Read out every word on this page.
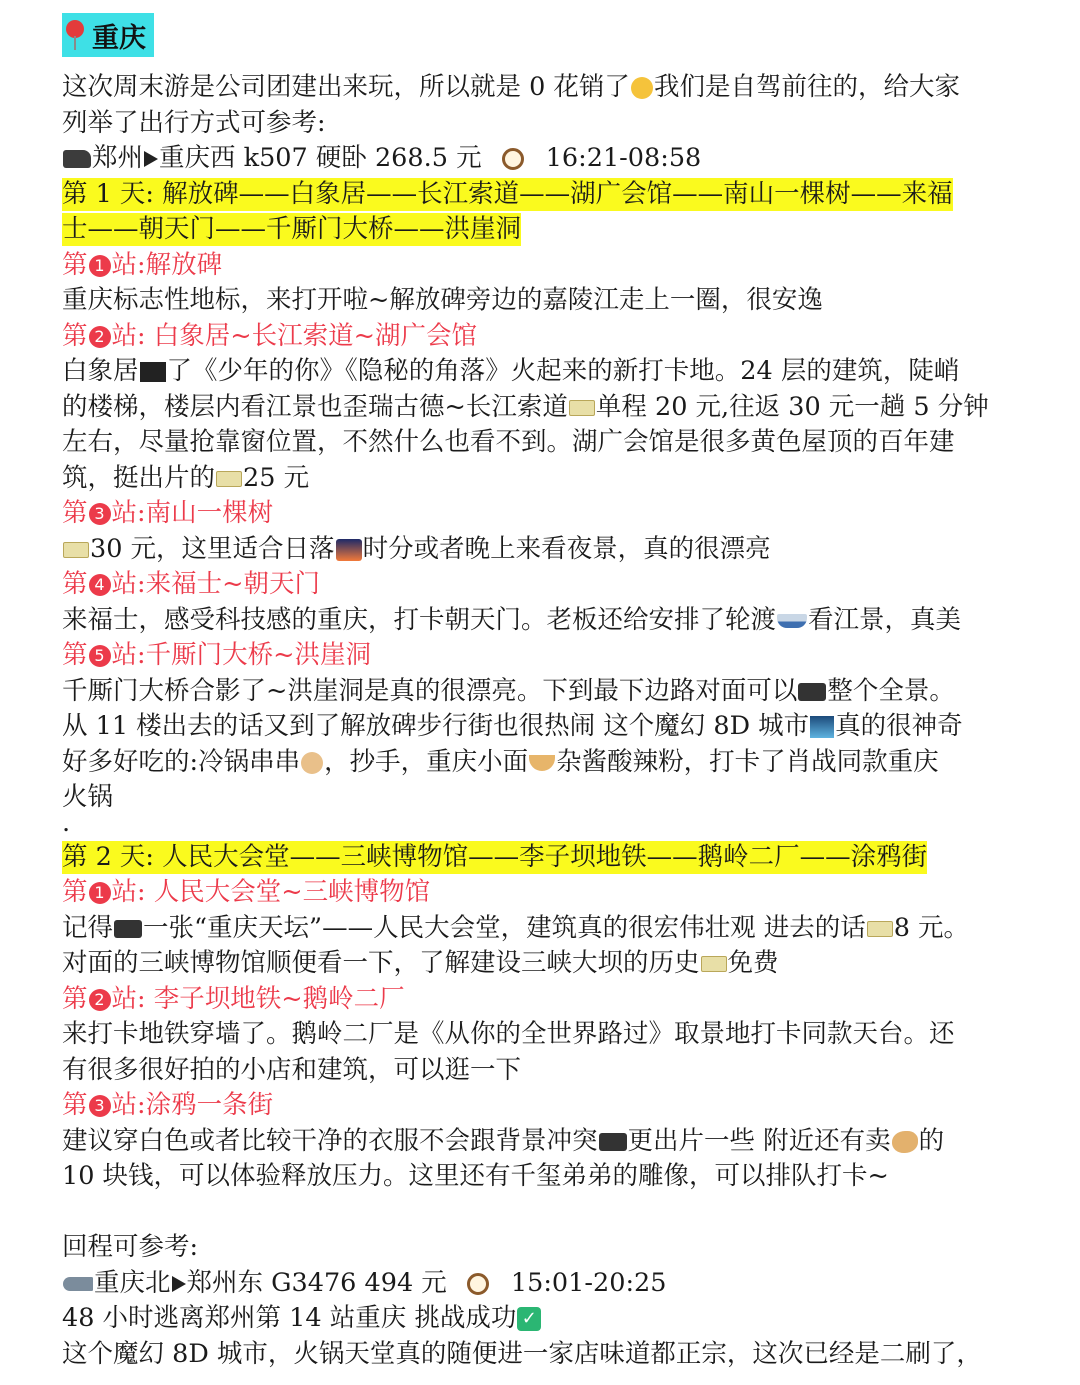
重庆
这次周末游是公司团建出来玩，所以就是 0 花销了 我们是自驾前往的，给大家
列举了出行方式可参考:
郑州 重庆西 k507 硬卧 268.5 元	16:21-08:58
第 1 天: 解放碑——白象居——长江索道——湖广会馆——南山一棵树——来福
士——朝天门——千厮门大桥——洪崖洞
第 1 站:解放碑
重庆标志性地标，来打开啦~解放碑旁边的嘉陵江走上一圈，很安逸
第 2 站: 白象居~长江索道~湖广会馆
白象居 了《少年的你》《隐秘的角落》火起来的新打卡地。24 层的建筑，陡峭
的楼梯，楼层内看江景也歪瑞古德~长江索道 单程 20 元,往返 30 元一趟 5 分钟
左右，尽量抢靠窗位置，不然什么也看不到。湖广会馆是很多黄色屋顶的百年建
筑，挺出片的 25 元
第 3 站:南山一棵树
30 元，这里适合日落 时分或者晚上来看夜景，真的很漂亮
第 4 站:来福士~朝天门
来福士，感受科技感的重庆，打卡朝天门。老板还给安排了轮渡 看江景，真美
第 5 站:千厮门大桥~洪崖洞
千厮门大桥合影了~洪崖洞是真的很漂亮。下到最下边路对面可以 整个全景。
从 11 楼出去的话又到了解放碑步行街也很热闹 这个魔幻 8D 城市 真的很神奇
好多好吃的:冷锅串串 ，抄手，重庆小面 杂酱酸辣粉，打卡了肖战同款重庆
火锅
.
第 2 天: 人民大会堂——三峡博物馆——李子坝地铁——鹅岭二厂——涂鸦街
第 1 站: 人民大会堂~三峡博物馆
记得 一张“重庆天坛”——人民大会堂，建筑真的很宏伟壮观 进去的话 8 元。
对面的三峡博物馆顺便看一下，了解建设三峡大坝的历史 免费
第 2 站: 李子坝地铁~鹅岭二厂
来打卡地铁穿墙了。鹅岭二厂是《从你的全世界路过》取景地打卡同款天台。还
有很多很好拍的小店和建筑，可以逛一下
第 3 站:涂鸦一条街
建议穿白色或者比较干净的衣服不会跟背景冲突 更出片一些 附近还有卖 的
10 块钱，可以体验释放压力。这里还有千玺弟弟的雕像，可以排队打卡~
回程可参考:
重庆北 郑州东 G3476 494 元	15:01-20:25
48 小时逃离郑州第 14 站重庆 挑战成功 ✓
这个魔幻 8D 城市，火锅天堂真的随便进一家店味道都正宗，这次已经是二刷了，
